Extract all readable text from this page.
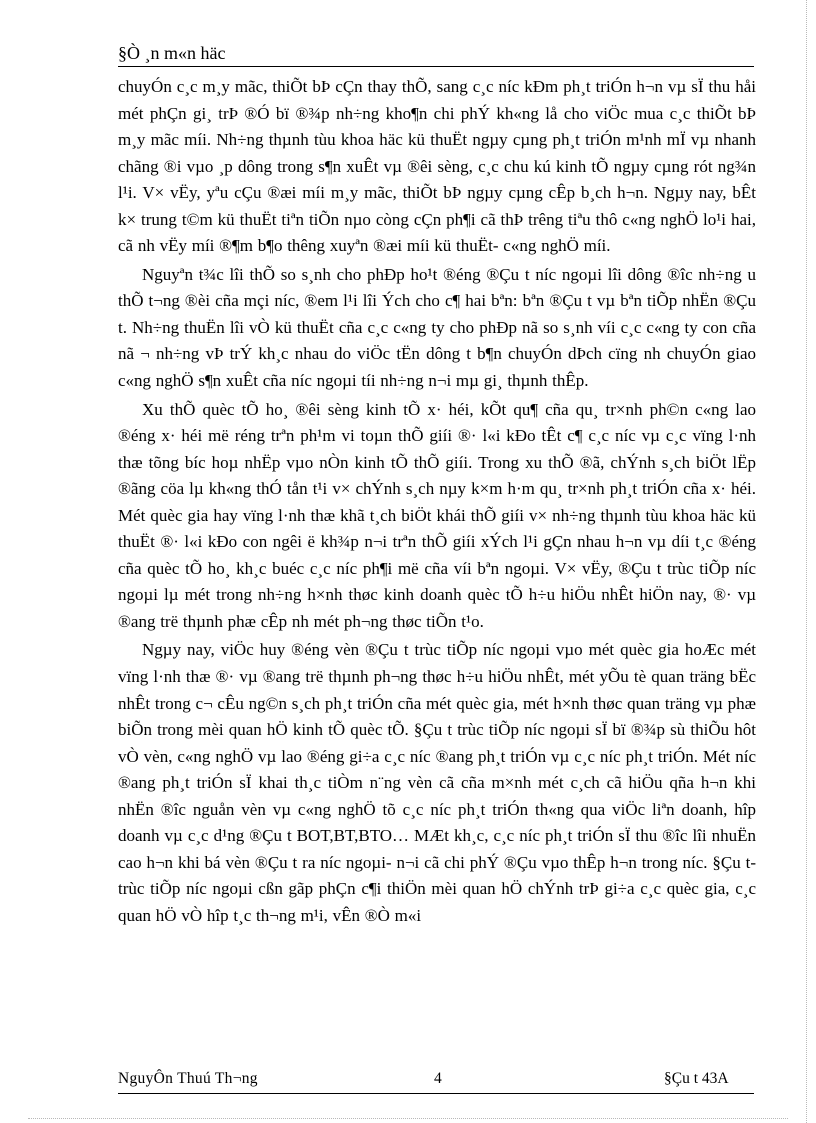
§Ò ¸n m«n häc

chuyÓn c¸c m¸y mãc, thiÕt bÞ cÇn thay thÕ, sang c¸c níc kÐm ph¸t triÓn h¬n vµ sÏ thu håi mét phÇn gi¸ trÞ ®Ó bï ®¾p nh÷ng kho¶n chi phÝ kh«ng lå cho viÖc mua c¸c thiÕt bÞ m¸y mãc míi. Nh÷ng thµnh tùu khoa häc kü thuËt ngµy cµng ph¸t triÓn m¹nh mÏ vµ nhanh chãng ®i vµo ¸p dông trong s¶n xuÊt vµ ®êi sèng, c¸c chu kú kinh tÕ ngµy cµng rót ng¾n l¹i. V× vËy, yªu cÇu ®æi míi m¸y mãc, thiÕt bÞ ngµy cµng cÊp b¸ch h¬n. Ngµy nay, bÊt k× trung t©m kü thuËt tiªn tiÕn nµo còng cÇn ph¶i cã thÞ trêng tiªu thô c«ng nghÖ lo¹i hai, cã nh vËy míi ®¶m b¶o thêng xuyªn ®æi míi kü thuËt- c«ng nghÖ míi.

Nguyªn t¾c lîi thÕ so s¸nh cho phÐp ho¹t ®éng ®Çu t níc ngoµi lîi dông ®îc nh÷ng u thÕ t¬ng ®èi cña mçi níc, ®em l¹i lîi Ých cho c¶ hai bªn: bªn ®Çu t vµ bªn tiÕp nhËn ®Çu t. Nh÷ng thuËn lîi vÒ kü thuËt cña c¸c c«ng ty cho phÐp nã so s¸nh víi c¸c c«ng ty con cña nã ¬ nh÷ng vÞ trÝ kh¸c nhau do viÖc tËn dông t b¶n chuyÓn dÞch cïng nh chuyÓn giao c«ng nghÖ s¶n xuÊt cña níc ngoµi tíi nh÷ng n¬i mµ gi¸ thµnh thÊp.

Xu thÕ quèc tÕ ho¸ ®êi sèng kinh tÕ x· héi, kÕt qu¶ cña qu¸ tr×nh ph©n c«ng lao ®éng x· héi më réng trªn ph¹m vi toµn thÕ giíi ®· l«i kÐo tÊt c¶ c¸c níc vµ c¸c vïng l·nh thæ tõng bíc hoµ nhËp vµo nÒn kinh tÕ thÕ giíi. Trong xu thÕ ®ã, chÝnh s¸ch biÖt lËp ®ãng cöa lµ kh«ng thÓ tån t¹i v× chÝnh s¸ch nµy k×m h·m qu¸ tr×nh ph¸t triÓn cña x· héi. Mét quèc gia hay vïng l·nh thæ khã t¸ch biÖt khái thÕ giíi v× nh÷ng thµnh tùu khoa häc kü thuËt ®· l«i kÐo con ngêi ë kh¾p n¬i trªn thÕ giíi xÝch l¹i gÇn nhau h¬n vµ díi t¸c ®éng cña quèc tÕ ho¸ kh¸c buéc c¸c níc ph¶i më cña víi bªn ngoµi. V× vËy, ®Çu t trùc tiÕp níc ngoµi lµ mét trong nh÷ng h×nh thøc kinh doanh quèc tÕ h÷u hiÖu nhÊt hiÖn nay, ®· vµ ®ang trë thµnh phæ cÊp nh mét ph¬ng thøc tiÕn t¹o.

Ngµy nay, viÖc huy ®éng vèn ®Çu t trùc tiÕp níc ngoµi vµo mét quèc gia hoÆc mét vïng l·nh thæ ®· vµ ®ang trë thµnh ph¬ng thøc h÷u hiÖu nhÊt, mét yÕu tè quan träng bËc nhÊt trong c¬ cÊu ng©n s¸ch ph¸t triÓn cña mét quèc gia, mét h×nh thøc quan träng vµ phæ biÕn trong mèi quan hÖ kinh tÕ quèc tÕ. §Çu t trùc tiÕp níc ngoµi sÏ bï ®¾p sù thiÕu hôt vÒ vèn, c«ng nghÖ vµ lao ®éng gi÷a c¸c níc ®ang ph¸t triÓn vµ c¸c níc ph¸t triÓn. Mét níc ®ang ph¸t triÓn sÏ khai th¸c tiÒm n¨ng vèn cã cña m×nh mét c¸ch cã hiÖu qña h¬n khi nhËn ®îc nguån vèn vµ c«ng nghÖ tõ c¸c níc ph¸t triÓn th«ng qua viÖc liªn doanh, hîp doanh vµ c¸c d¹ng ®Çu t BOT,BT,BTO… MÆt kh¸c, c¸c níc ph¸t triÓn sÏ thu ®îc lîi nhuËn cao h¬n khi bá vèn ®Çu t ra níc ngoµi- n¬i cã chi phÝ ®Çu vµo thÊp h¬n trong níc. §Çu t trùc tiÕp níc ngoµi cßn gãp phÇn c¶i thiÖn mèi quan hÖ chÝnh trÞ gi÷a c¸c quèc gia, c¸c quan hÖ vÒ hîp t¸c th¬ng m¹i, vÊn ®Ò m«i

NguyÔn Thuú Th¬ng	4	§Çu t 43A
